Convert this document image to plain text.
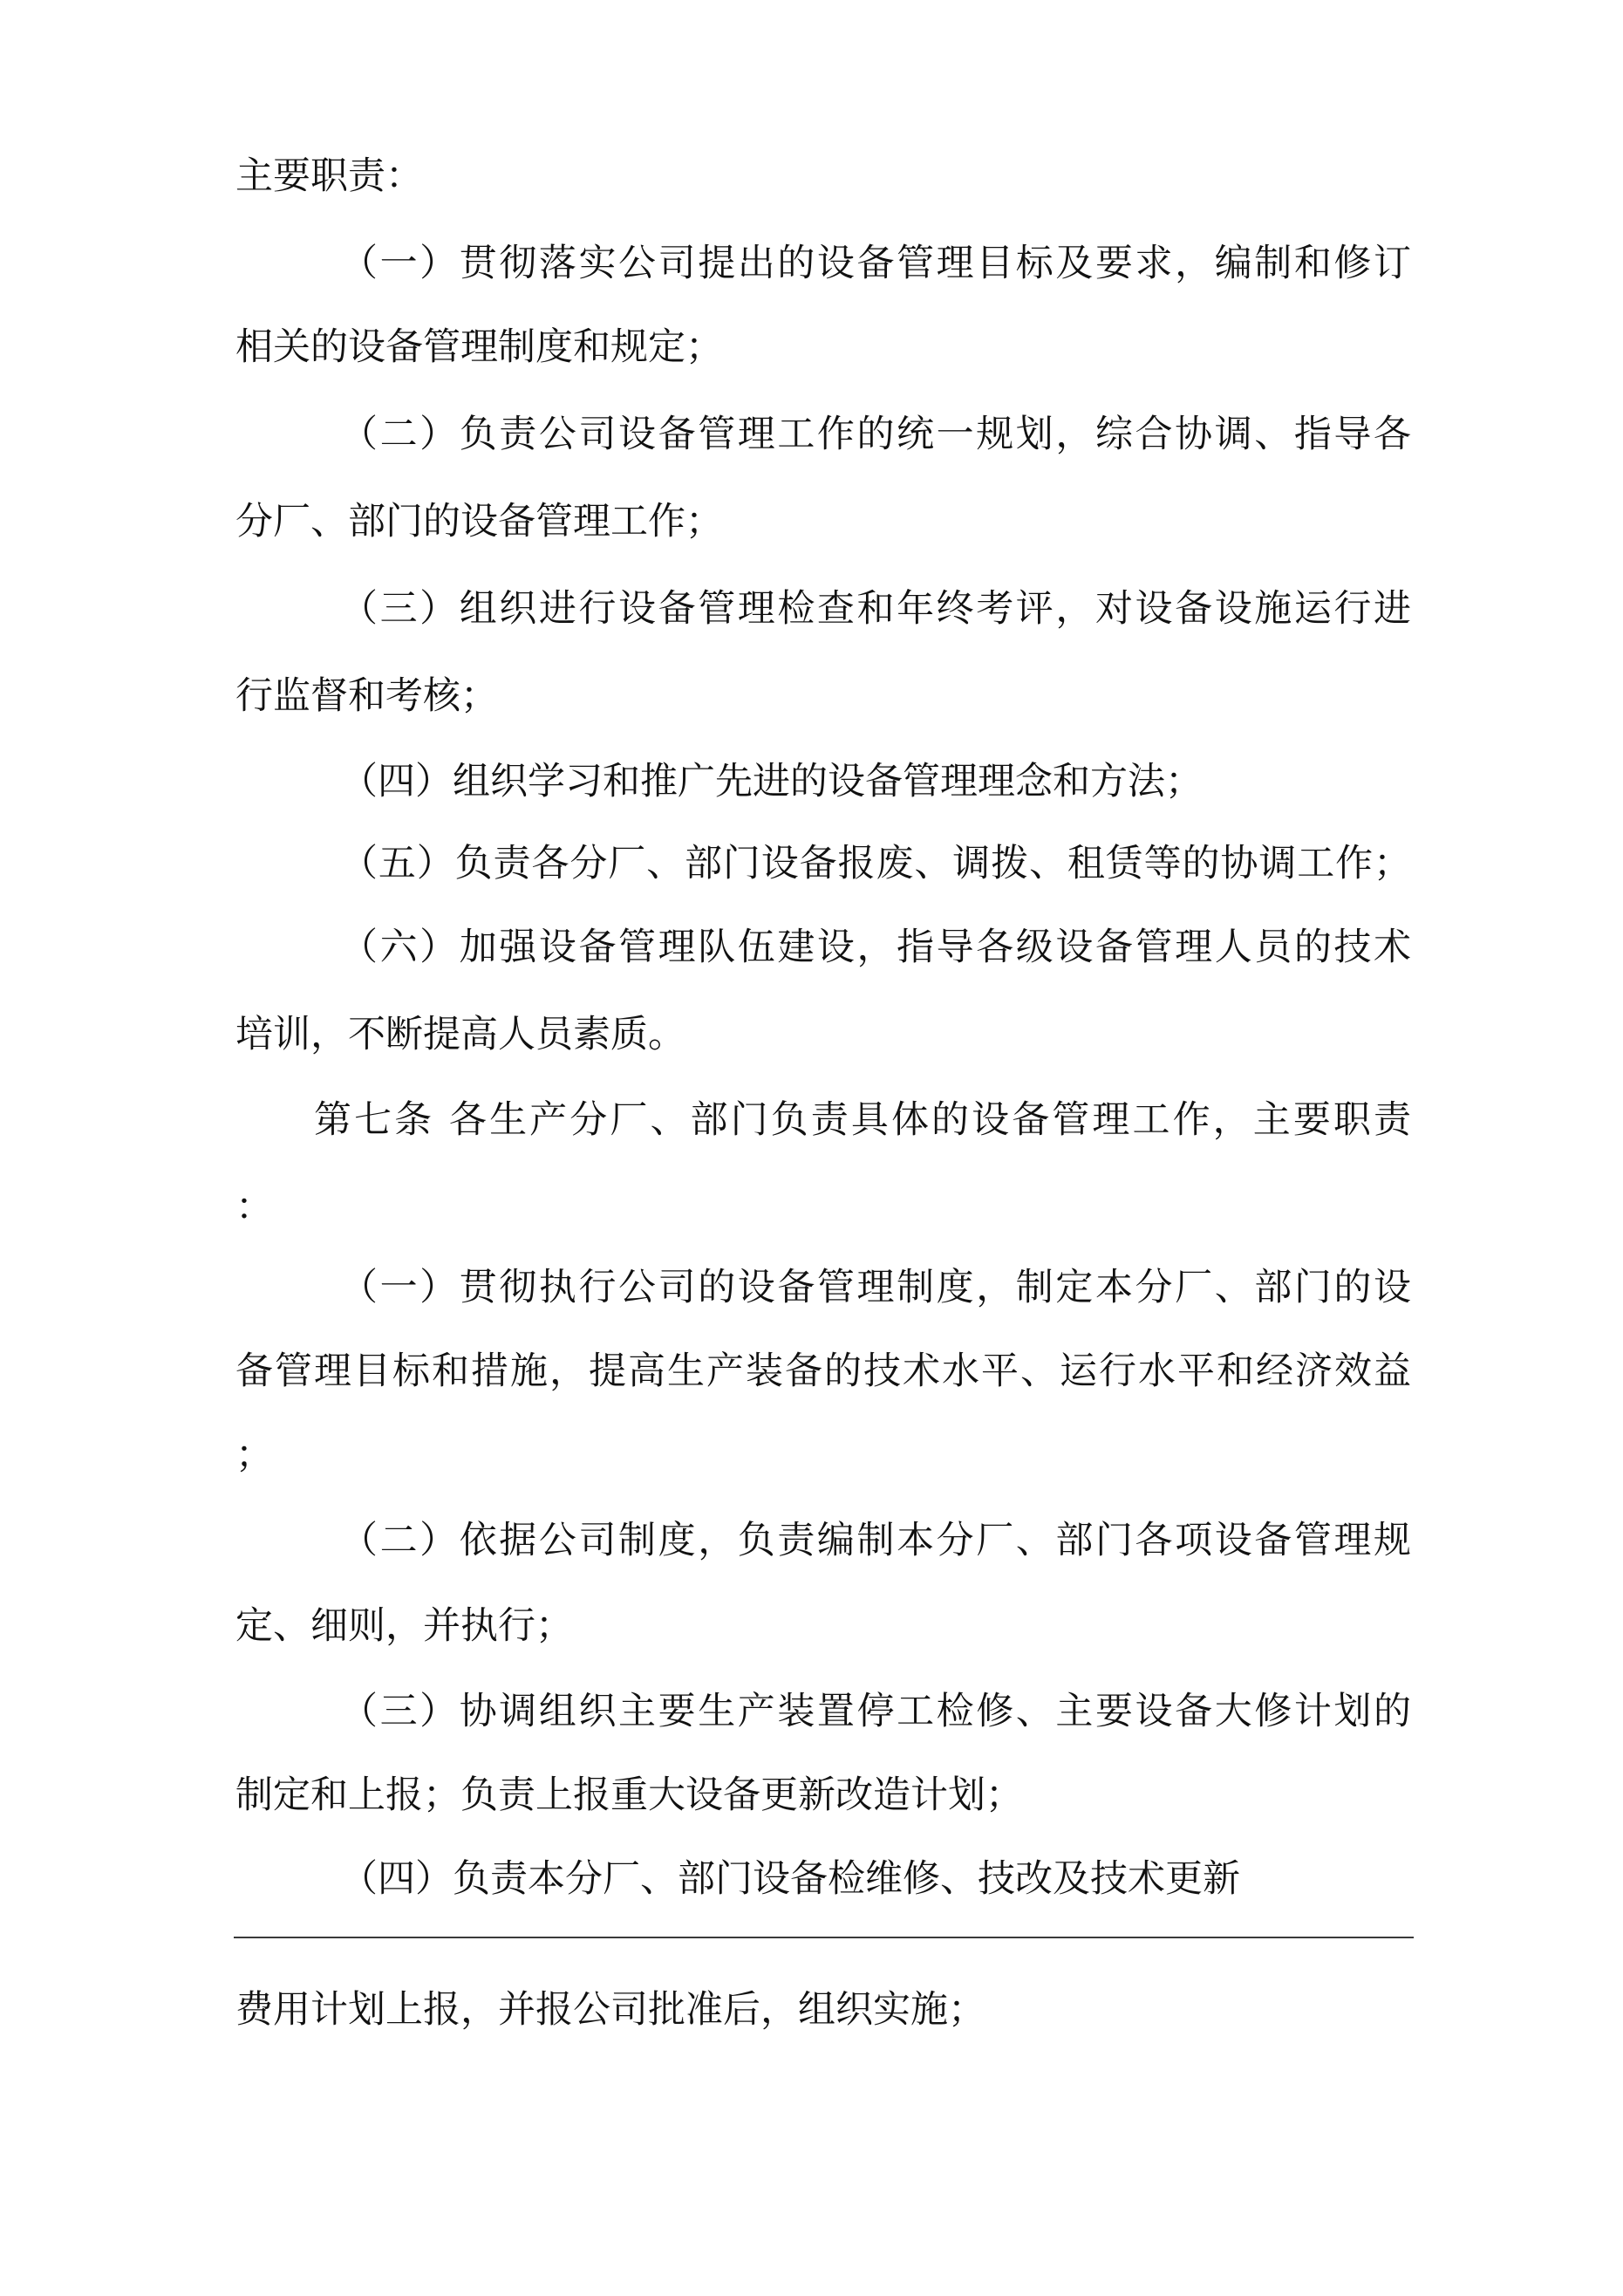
主要职责：

（一）贯彻落实公司提出的设备管理目标及要求，编制和修订

相关的设备管理制度和规定；

（二）负责公司设备管理工作的统一规划，综合协调、指导各

分厂、部门的设备管理工作；

（三）组织进行设备管理检查和年终考评，对设备设施运行进

行监督和考核；

（四）组织学习和推广先进的设备管理理念和方法；

（五）负责各分厂、部门设备报废、调拨、租赁等的协调工作；

（六）加强设备管理队伍建设，指导各级设备管理人员的技术

培训，不断提高人员素质。

第七条 各生产分厂、部门负责具体的设备管理工作，主要职责

：

（一）贯彻执行公司的设备管理制度，制定本分厂、部门的设

备管理目标和措施，提高生产装备的技术水平、运行水平和经济效益

；

（二）依据公司制度，负责编制本分厂、部门各项设备管理规

定、细则，并执行；

（三）协调组织主要生产装置停工检修、主要设备大修计划的

制定和上报；负责上报重大设备更新改造计划；

（四）负责本分厂、部门设备检维修、技改及技术更新

费用计划上报，并报公司批准后，组织实施；
